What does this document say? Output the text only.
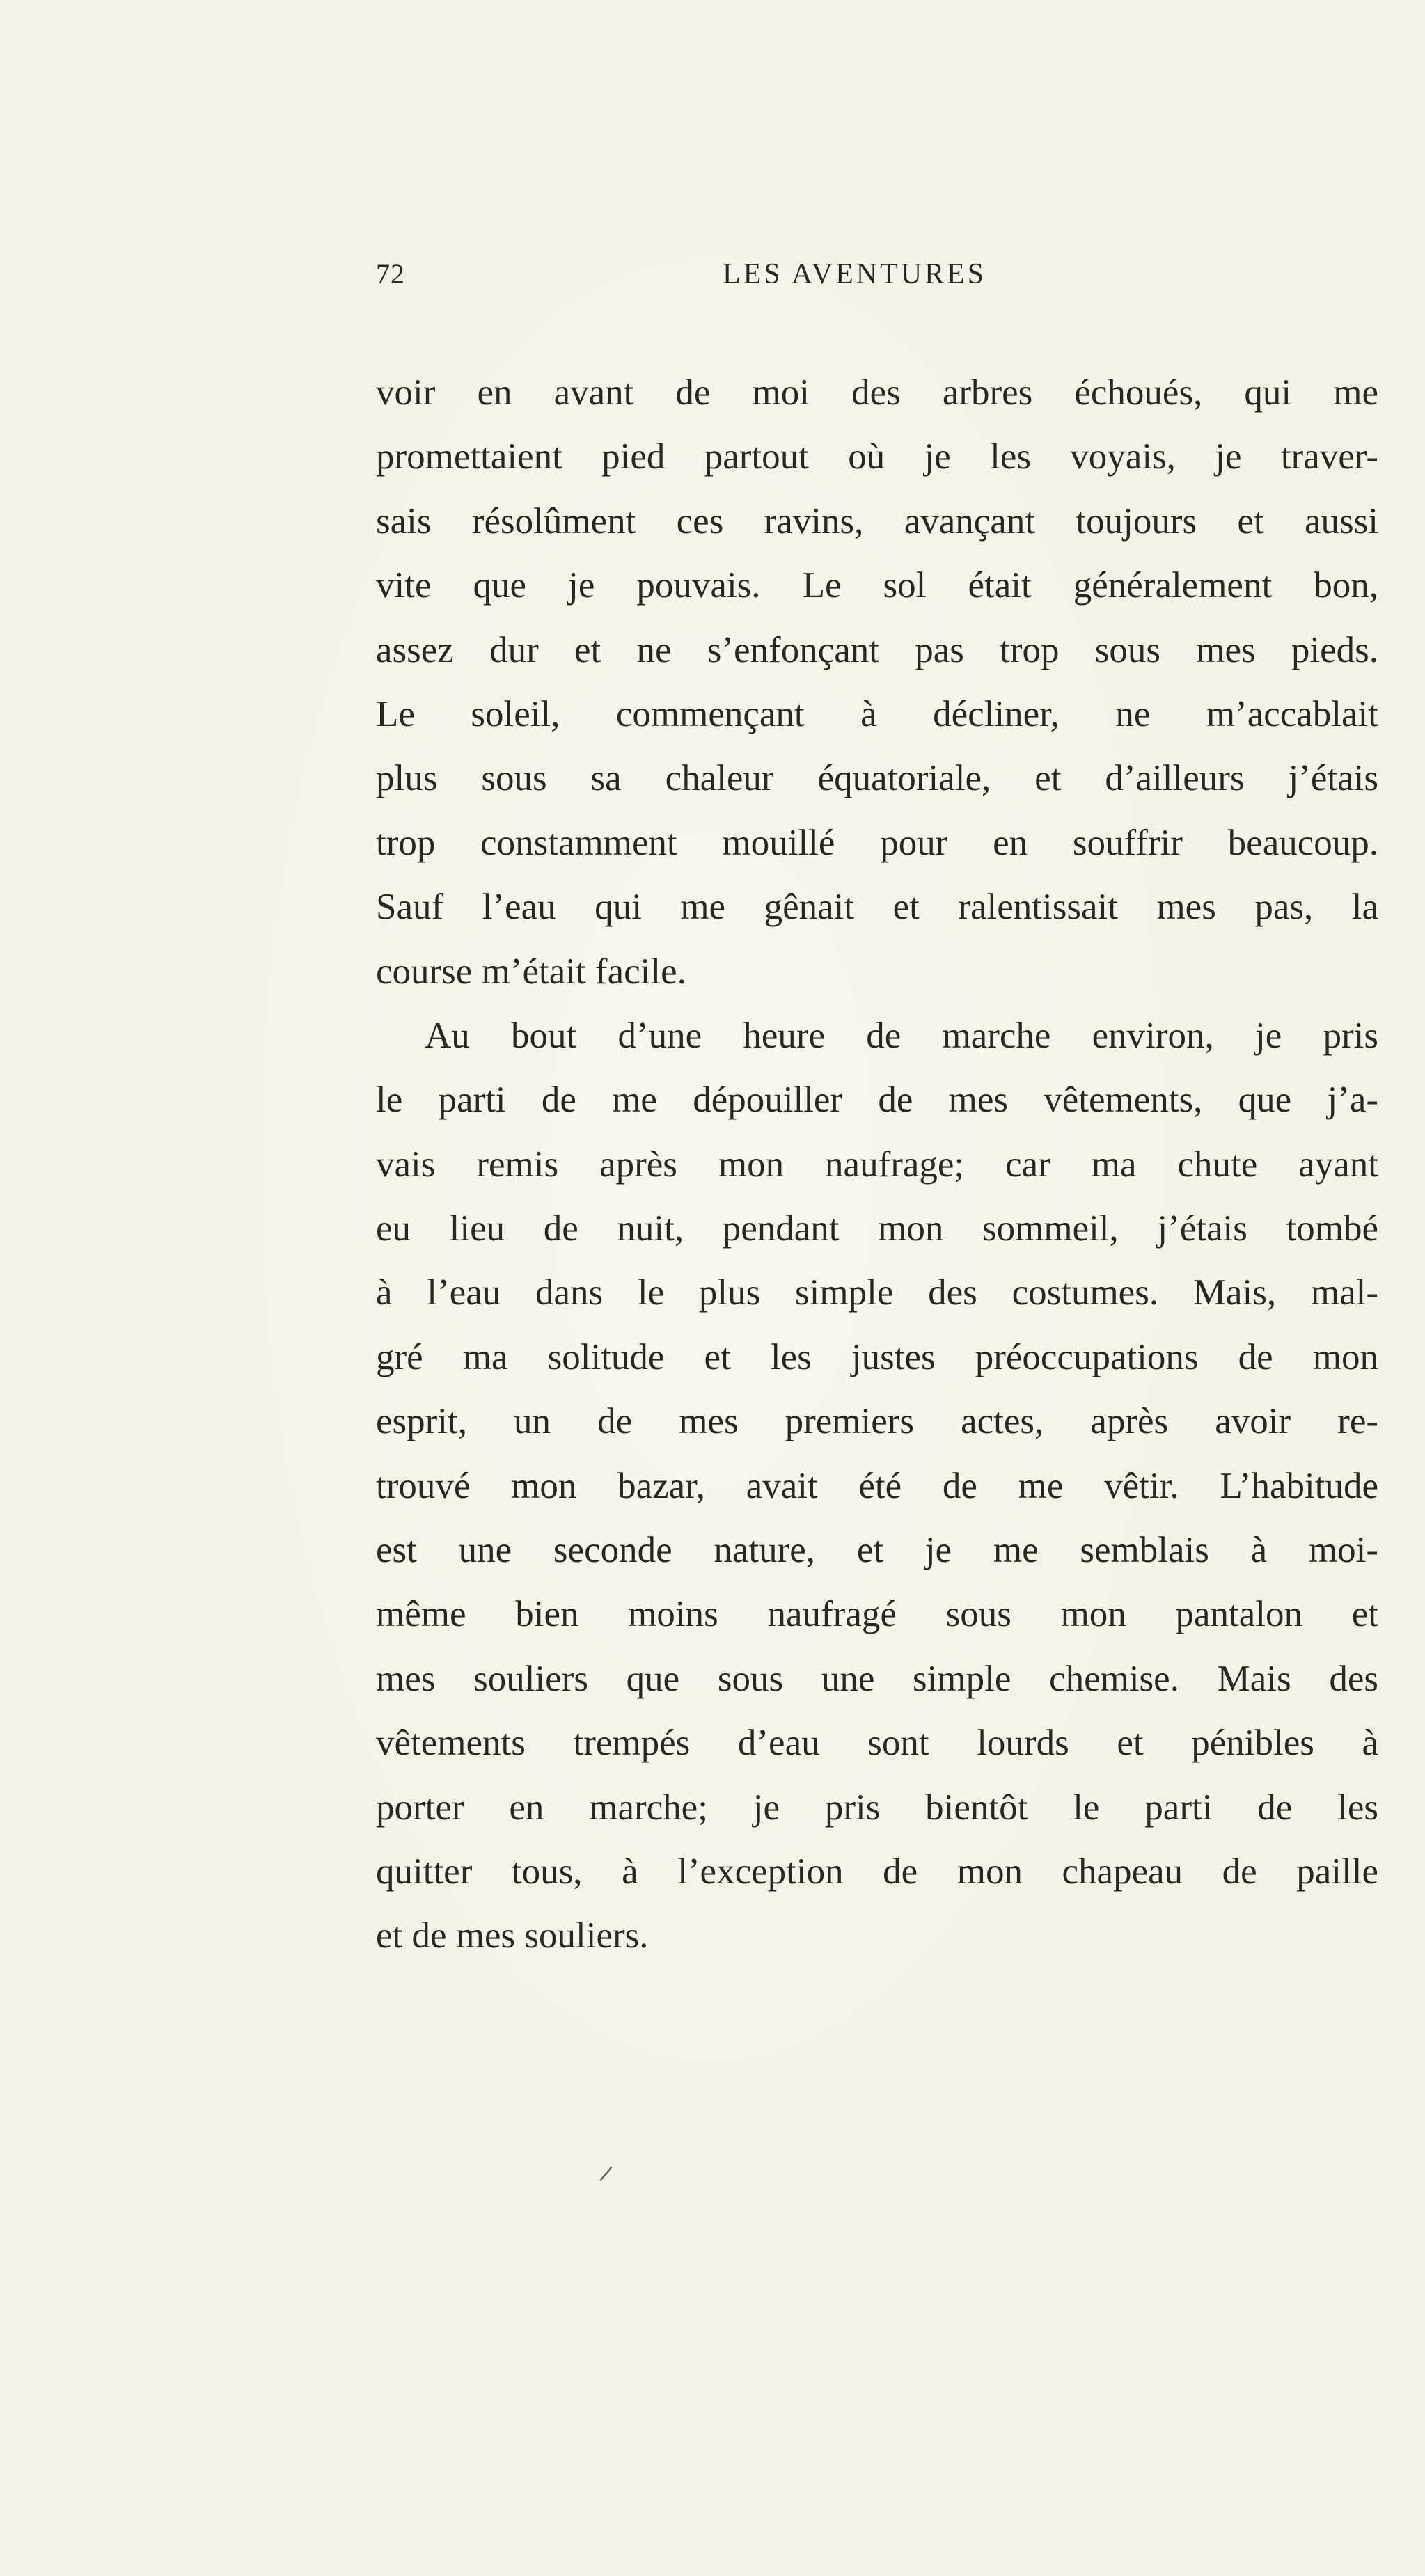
72	LES AVENTURES
voir en avant de moi des arbres échoués, qui me
promettaient pied partout où je les voyais, je traver-
sais résolûment ces ravins, avançant toujours et aussi
vite que je pouvais. Le sol était généralement bon,
assez dur et ne s’enfonçant pas trop sous mes pieds.
Le soleil, commençant à décliner, ne m’accablait
plus sous sa chaleur équatoriale, et d’ailleurs j’étais
trop constamment mouillé pour en souffrir beaucoup.
Sauf l’eau qui me gênait et ralentissait mes pas, la
course m’était facile.
Au bout d’une heure de marche environ, je pris
le parti de me dépouiller de mes vêtements, que j’a-
vais remis après mon naufrage; car ma chute ayant
eu lieu de nuit, pendant mon sommeil, j’étais tombé
à l’eau dans le plus simple des costumes. Mais, mal-
gré ma solitude et les justes préoccupations de mon
esprit, un de mes premiers actes, après avoir re-
trouvé mon bazar, avait été de me vêtir. L’habitude
est une seconde nature, et je me semblais à moi-
même bien moins naufragé sous mon pantalon et
mes souliers que sous une simple chemise. Mais des
vêtements trempés d’eau sont lourds et pénibles à
porter en marche; je pris bientôt le parti de les
quitter tous, à l’exception de mon chapeau de paille
et de mes souliers.
